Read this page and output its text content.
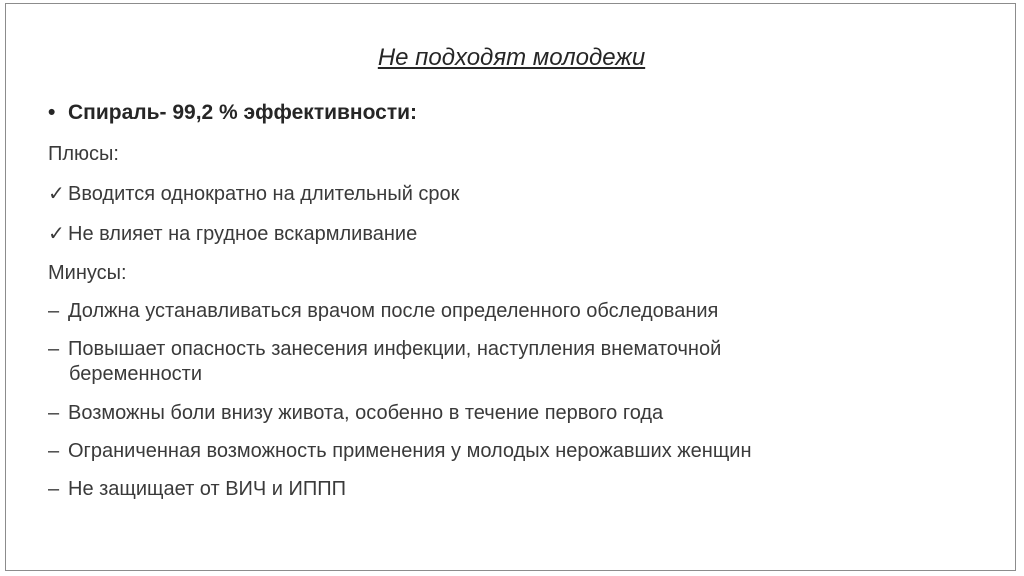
Не подходят молодежи
• Спираль- 99,2 % эффективности:
Плюсы:
✓ Вводится однократно на длительный срок
✓ Не влияет на грудное вскармливание
Минусы:
– Должна устанавливаться врачом после определенного обследования
– Повышает опасность занесения инфекции, наступления внематочной
беременности
– Возможны боли внизу живота, особенно в течение первого года
– Ограниченная возможность применения у молодых нерожавших женщин
– Не защищает от ВИЧ и ИППП
